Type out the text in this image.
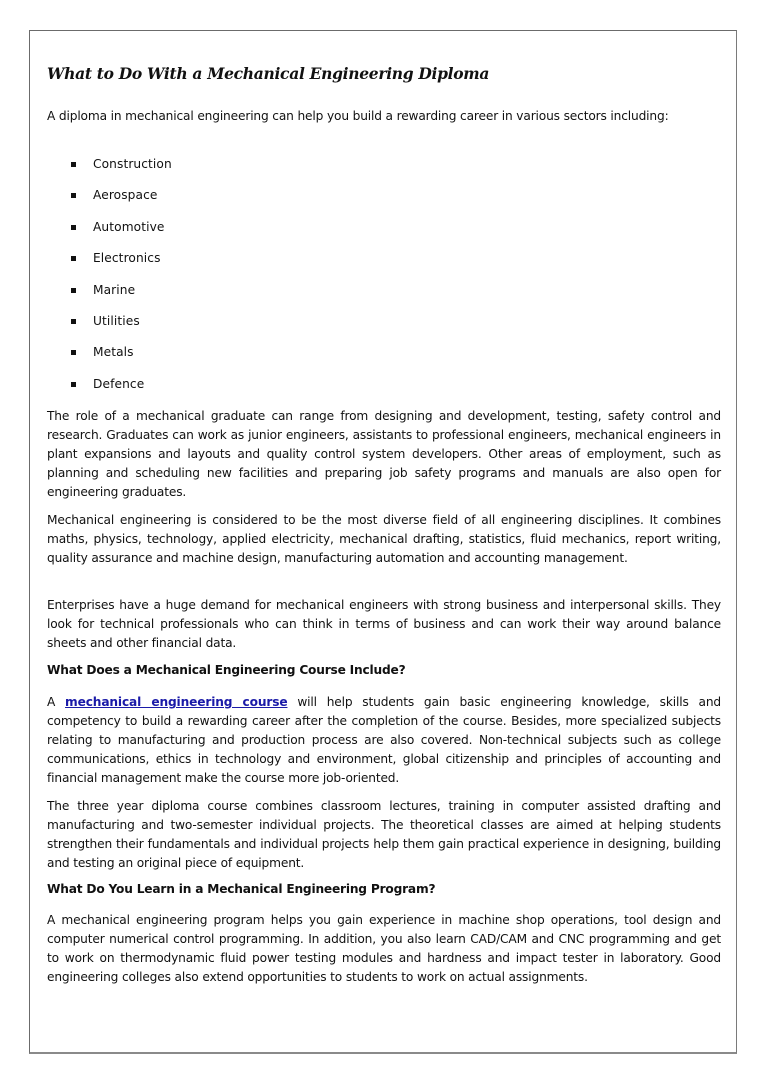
What to Do With a Mechanical Engineering Diploma

A diploma in mechanical engineering can help you build a rewarding career in various sectors including:

Construction
Aerospace
Automotive
Electronics
Marine
Utilities
Metals
Defence

The role of a mechanical graduate can range from designing and development, testing, safety control and research. Graduates can work as junior engineers, assistants to professional engineers, mechanical engineers in plant expansions and layouts and quality control system developers. Other areas of employment, such as planning and scheduling new facilities and preparing job safety programs and manuals are also open for engineering graduates.

Mechanical engineering is considered to be the most diverse field of all engineering disciplines. It combines maths, physics, technology, applied electricity, mechanical drafting, statistics, fluid mechanics, report writing, quality assurance and machine design, manufacturing automation and accounting management.

Enterprises have a huge demand for mechanical engineers with strong business and interpersonal skills. They look for technical professionals who can think in terms of business and can work their way around balance sheets and other financial data.

What Does a Mechanical Engineering Course Include?

A mechanical engineering course will help students gain basic engineering knowledge, skills and competency to build a rewarding career after the completion of the course. Besides, more specialized subjects relating to manufacturing and production process are also covered. Non-technical subjects such as college communications, ethics in technology and environment, global citizenship and principles of accounting and financial management make the course more job-oriented.

The three year diploma course combines classroom lectures, training in computer assisted drafting and manufacturing and two-semester individual projects. The theoretical classes are aimed at helping students strengthen their fundamentals and individual projects help them gain practical experience in designing, building and testing an original piece of equipment.

What Do You Learn in a Mechanical Engineering Program?

A mechanical engineering program helps you gain experience in machine shop operations, tool design and computer numerical control programming. In addition, you also learn CAD/CAM and CNC programming and get to work on thermodynamic fluid power testing modules and hardness and impact tester in laboratory. Good engineering colleges also extend opportunities to students to work on actual assignments.
